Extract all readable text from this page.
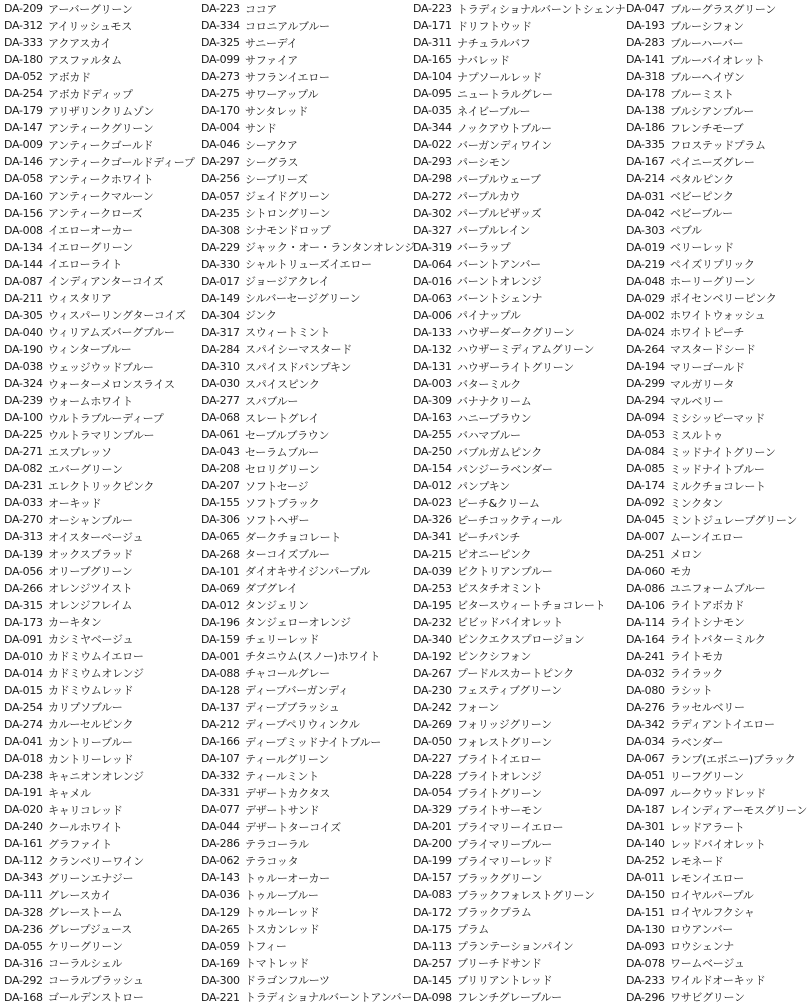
DA-209 アーバーグリーン
DA-312 アイリッシュモス
DA-333 アクアスカイ
DA-180 アスファルタム
DA-052 アボカド
DA-254 アボカドディップ
DA-179 アリザリンクリムゾン
DA-147 アンティークグリーン
DA-009 アンティークゴールド
DA-146 アンティークゴールドディープ
DA-058 アンティークホワイト
DA-160 アンティークマルーン
DA-156 アンティークローズ
DA-008 イエローオーカー
DA-134 イエローグリーン
DA-144 イエローライト
DA-087 インディアンターコイズ
DA-211 ウィスタリア
DA-305 ウィスパーリングターコイズ
DA-040 ウィリアムズバーグブルー
DA-190 ウィンターブルー
DA-038 ウェッジウッドブルー
DA-324 ウォーターメロンスライス
DA-239 ウォームホワイト
DA-100 ウルトラブルーディープ
DA-225 ウルトラマリンブルー
DA-271 エスプレッソ
DA-082 エバーグリーン
DA-231 エレクトリックピンク
DA-033 オーキッド
DA-270 オーシャンブルー
DA-313 オイスターベージュ
DA-139 オックスブラッド
DA-056 オリーブグリーン
DA-266 オレンジツイスト
DA-315 オレンジフレイム
DA-173 カーキタン
DA-091 カシミヤベージュ
DA-010 カドミウムイエロー
DA-014 カドミウムオレンジ
DA-015 カドミウムレッド
DA-254 カリプソブルー
DA-274 カルーセルピンク
DA-041 カントリーブルー
DA-018 カントリーレッド
DA-238 キャニオンオレンジ
DA-191 キャメル
DA-020 キャリコレッド
DA-240 クールホワイト
DA-161 グラファイト
DA-112 クランベリーワイン
DA-343 グリーンエナジー
DA-111 グレースカイ
DA-328 グレーストーム
DA-236 グレープジュース
DA-055 ケリーグリーン
DA-316 コーラルシェル
DA-292 コーラルブラッシュ
DA-168 ゴールデンストロー
DA-223 ココア
DA-334 コロニアルブルー
DA-325 サニーデイ
DA-099 サファイア
DA-273 サフランイエロー
DA-275 サワーアップル
DA-170 サンタレッド
DA-004 サンド
DA-046 シーアクア
DA-297 シーグラス
DA-256 シーブリーズ
DA-057 ジェイドグリーン
DA-235 シトロングリーン
DA-308 シナモンドロップ
DA-229 ジャック・オー・ランタンオレンジ
DA-330 シャルトリューズイエロー
DA-017 ジョージアクレイ
DA-149 シルバーセージグリーン
DA-304 ジンク
DA-317 スウィートミント
DA-284 スパイシーマスタード
DA-310 スパイスドパンプキン
DA-030 スパイスピンク
DA-277 スパブルー
DA-068 スレートグレイ
DA-061 セーブルブラウン
DA-043 セーラムブルー
DA-208 セロリグリーン
DA-207 ソフトセージ
DA-155 ソフトブラック
DA-306 ソフトヘザー
DA-065 ダークチョコレート
DA-268 ターコイズブルー
DA-101 ダイオキサイジンパープル
DA-069 ダブグレイ
DA-012 タンジェリン
DA-196 タンジェローオレンジ
DA-159 チェリーレッド
DA-001 チタニウム(スノー)ホワイト
DA-088 チャコールグレー
DA-128 ディープバーガンディ
DA-137 ディープブラッシュ
DA-212 ディープペリウィンクル
DA-166 ディープミッドナイトブルー
DA-107 ティールグリーン
DA-332 ティールミント
DA-331 デザートカクタス
DA-077 デザートサンド
DA-044 デザートターコイズ
DA-286 テラコーラル
DA-062 テラコッタ
DA-143 トゥルーオーカー
DA-036 トゥルーブルー
DA-129 トゥルーレッド
DA-265 トスカンレッド
DA-059 トフィー
DA-169 トマトレッド
DA-300 ドラゴンフルーツ
DA-221 トラディショナルバーントアンバー
DA-223 トラディショナルバーントシェンナ
DA-171 ドリフトウッド
DA-311 ナチュラルバフ
DA-165 ナバレッド
DA-104 ナプソールレッド
DA-095 ニュートラルグレー
DA-035 ネイビーブルー
DA-344 ノックアウトブルー
DA-022 バーガンディワイン
DA-293 パーシモン
DA-298 パープルウェーブ
DA-272 パープルカウ
DA-302 パープルピザッズ
DA-327 パープルレイン
DA-319 バーラップ
DA-064 バーントアンバー
DA-016 バーントオレンジ
DA-063 バーントシェンナ
DA-006 パイナップル
DA-133 ハウザーダークグリーン
DA-132 ハウザーミディアムグリーン
DA-131 ハウザーライトグリーン
DA-003 バターミルク
DA-309 バナナクリーム
DA-163 ハニーブラウン
DA-255 バハマブルー
DA-250 バブルガムピンク
DA-154 パンジーラベンダー
DA-012 パンプキン
DA-023 ピーチ&クリーム
DA-326 ピーチコックティール
DA-341 ピーチパンチ
DA-215 ピオニーピンク
DA-039 ビクトリアンブルー
DA-253 ピスタチオミント
DA-195 ビタースウィートチョコレート
DA-232 ビビッドバイオレット
DA-340 ピンクエクスプロージョン
DA-192 ピンクシフォン
DA-267 プードルスカートピンク
DA-230 フェスティブグリーン
DA-242 フォーン
DA-269 フォリッジグリーン
DA-050 フォレストグリーン
DA-227 ブライトイエロー
DA-228 ブライトオレンジ
DA-054 ブライトグリーン
DA-329 ブライトサーモン
DA-201 プライマリーイエロー
DA-200 プライマリーブルー
DA-199 プライマリーレッド
DA-157 ブラックグリーン
DA-083 ブラックフォレストグリーン
DA-172 ブラックプラム
DA-175 プラム
DA-113 プランテーションパイン
DA-257 ブリーチドサンド
DA-145 ブリリアントレッド
DA-098 フレンチグレーブルー
DA-047 ブルーグラスグリーン
DA-193 ブルーシフォン
DA-283 ブルーハーバー
DA-141 ブルーバイオレット
DA-318 ブルーヘイヴン
DA-178 ブルーミスト
DA-138 ブルシアンブルー
DA-186 フレンチモーブ
DA-335 フロステッドプラム
DA-167 ペイニーズグレー
DA-214 ペタルピンク
DA-031 ベビーピンク
DA-042 ベビーブルー
DA-303 ペブル
DA-019 ベリーレッド
DA-219 ペイズリプリック
DA-048 ホーリーグリーン
DA-029 ポイセンベリーピンク
DA-002 ホワイトウォッシュ
DA-024 ホワイトピーチ
DA-264 マスタードシード
DA-194 マリーゴールド
DA-299 マルガリータ
DA-294 マルベリー
DA-094 ミシシッピーマッド
DA-053 ミスルトゥ
DA-084 ミッドナイトグリーン
DA-085 ミッドナイトブルー
DA-174 ミルクチョコレート
DA-092 ミンクタン
DA-045 ミントジュレープグリーン
DA-007 ムーンイエロー
DA-251 メロン
DA-060 モカ
DA-086 ユニフォームブルー
DA-106 ライトアボカド
DA-114 ライトシナモン
DA-164 ライトバターミルク
DA-241 ライトモカ
DA-032 ライラック
DA-080 ラシット
DA-276 ラッセルベリー
DA-342 ラディアントイエロー
DA-034 ラベンダー
DA-067 ランプ(エボニー)ブラック
DA-051 リーフグリーン
DA-097 ルークウッドレッド
DA-187 レインディアーモスグリーン
DA-301 レッドアラート
DA-140 レッドバイオレット
DA-252 レモネード
DA-011 レモンイエロー
DA-150 ロイヤルパープル
DA-151 ロイヤルフクシャ
DA-130 ロウアンバー
DA-093 ロウシェンナ
DA-078 ワームベージュ
DA-233 ワイルドオーキッド
DA-296 ワサビグリーン
